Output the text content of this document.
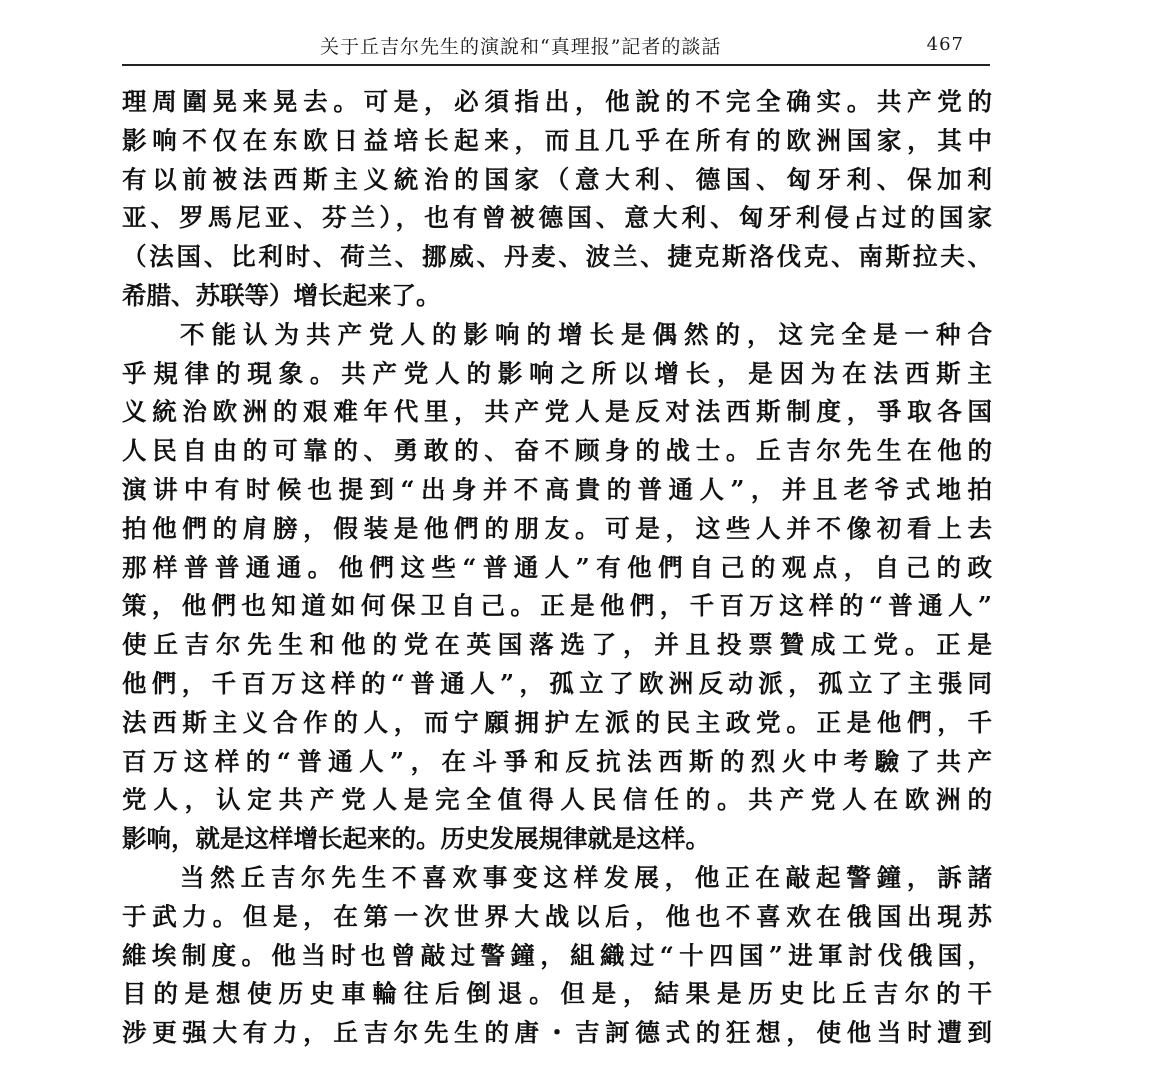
关于丘吉尔先生的演說和“真理报”記者的談話	467
理周圍晃来晃去。可是，必須指出，他說的不完全确实。共产党的
影响不仅在东欧日益培长起来，而且几乎在所有的欧洲国家，其中
有以前被法西斯主义統治的国家（意大利、德国、匈牙利、保加利
亚、罗馬尼亚、芬兰），也有曾被德国、意大利、匈牙利侵占过的国家
（法国、比利时、荷兰、挪威、丹麦、波兰、捷克斯洛伐克、南斯拉夫、
希腊、苏联等）增长起来了。
不能认为共产党人的影响的增长是偶然的，这完全是一种合
乎規律的現象。共产党人的影响之所以增长，是因为在法西斯主
义統治欧洲的艰难年代里，共产党人是反对法西斯制度，爭取各国
人民自由的可靠的、勇敢的、奋不顾身的战士。丘吉尔先生在他的
演讲中有时候也提到“出身并不高貴的普通人”，并且老爷式地拍
拍他們的肩膀，假装是他們的朋友。可是，这些人并不像初看上去
那样普普通通。他們这些“普通人”有他們自己的观点，自己的政
策，他們也知道如何保卫自己。正是他們，千百万这样的“普通人”
使丘吉尔先生和他的党在英国落选了，并且投票贊成工党。正是
他們，千百万这样的“普通人”，孤立了欧洲反动派，孤立了主張同
法西斯主义合作的人，而宁願拥护左派的民主政党。正是他們，千
百万这样的“普通人”，在斗爭和反抗法西斯的烈火中考驗了共产
党人，认定共产党人是完全值得人民信任的。共产党人在欧洲的
影响，就是这样增长起来的。历史发展規律就是这样。
当然丘吉尔先生不喜欢事变这样发展，他正在敲起警鐘，訴諸
于武力。但是，在第一次世界大战以后，他也不喜欢在俄国出現苏
維埃制度。他当时也曾敲过警鐘，組織过“十四国”进軍討伐俄国，
目的是想使历史車輪往后倒退。但是，結果是历史比丘吉尔的干
涉更强大有力，丘吉尔先生的唐・吉訶德式的狂想，使他当时遭到
